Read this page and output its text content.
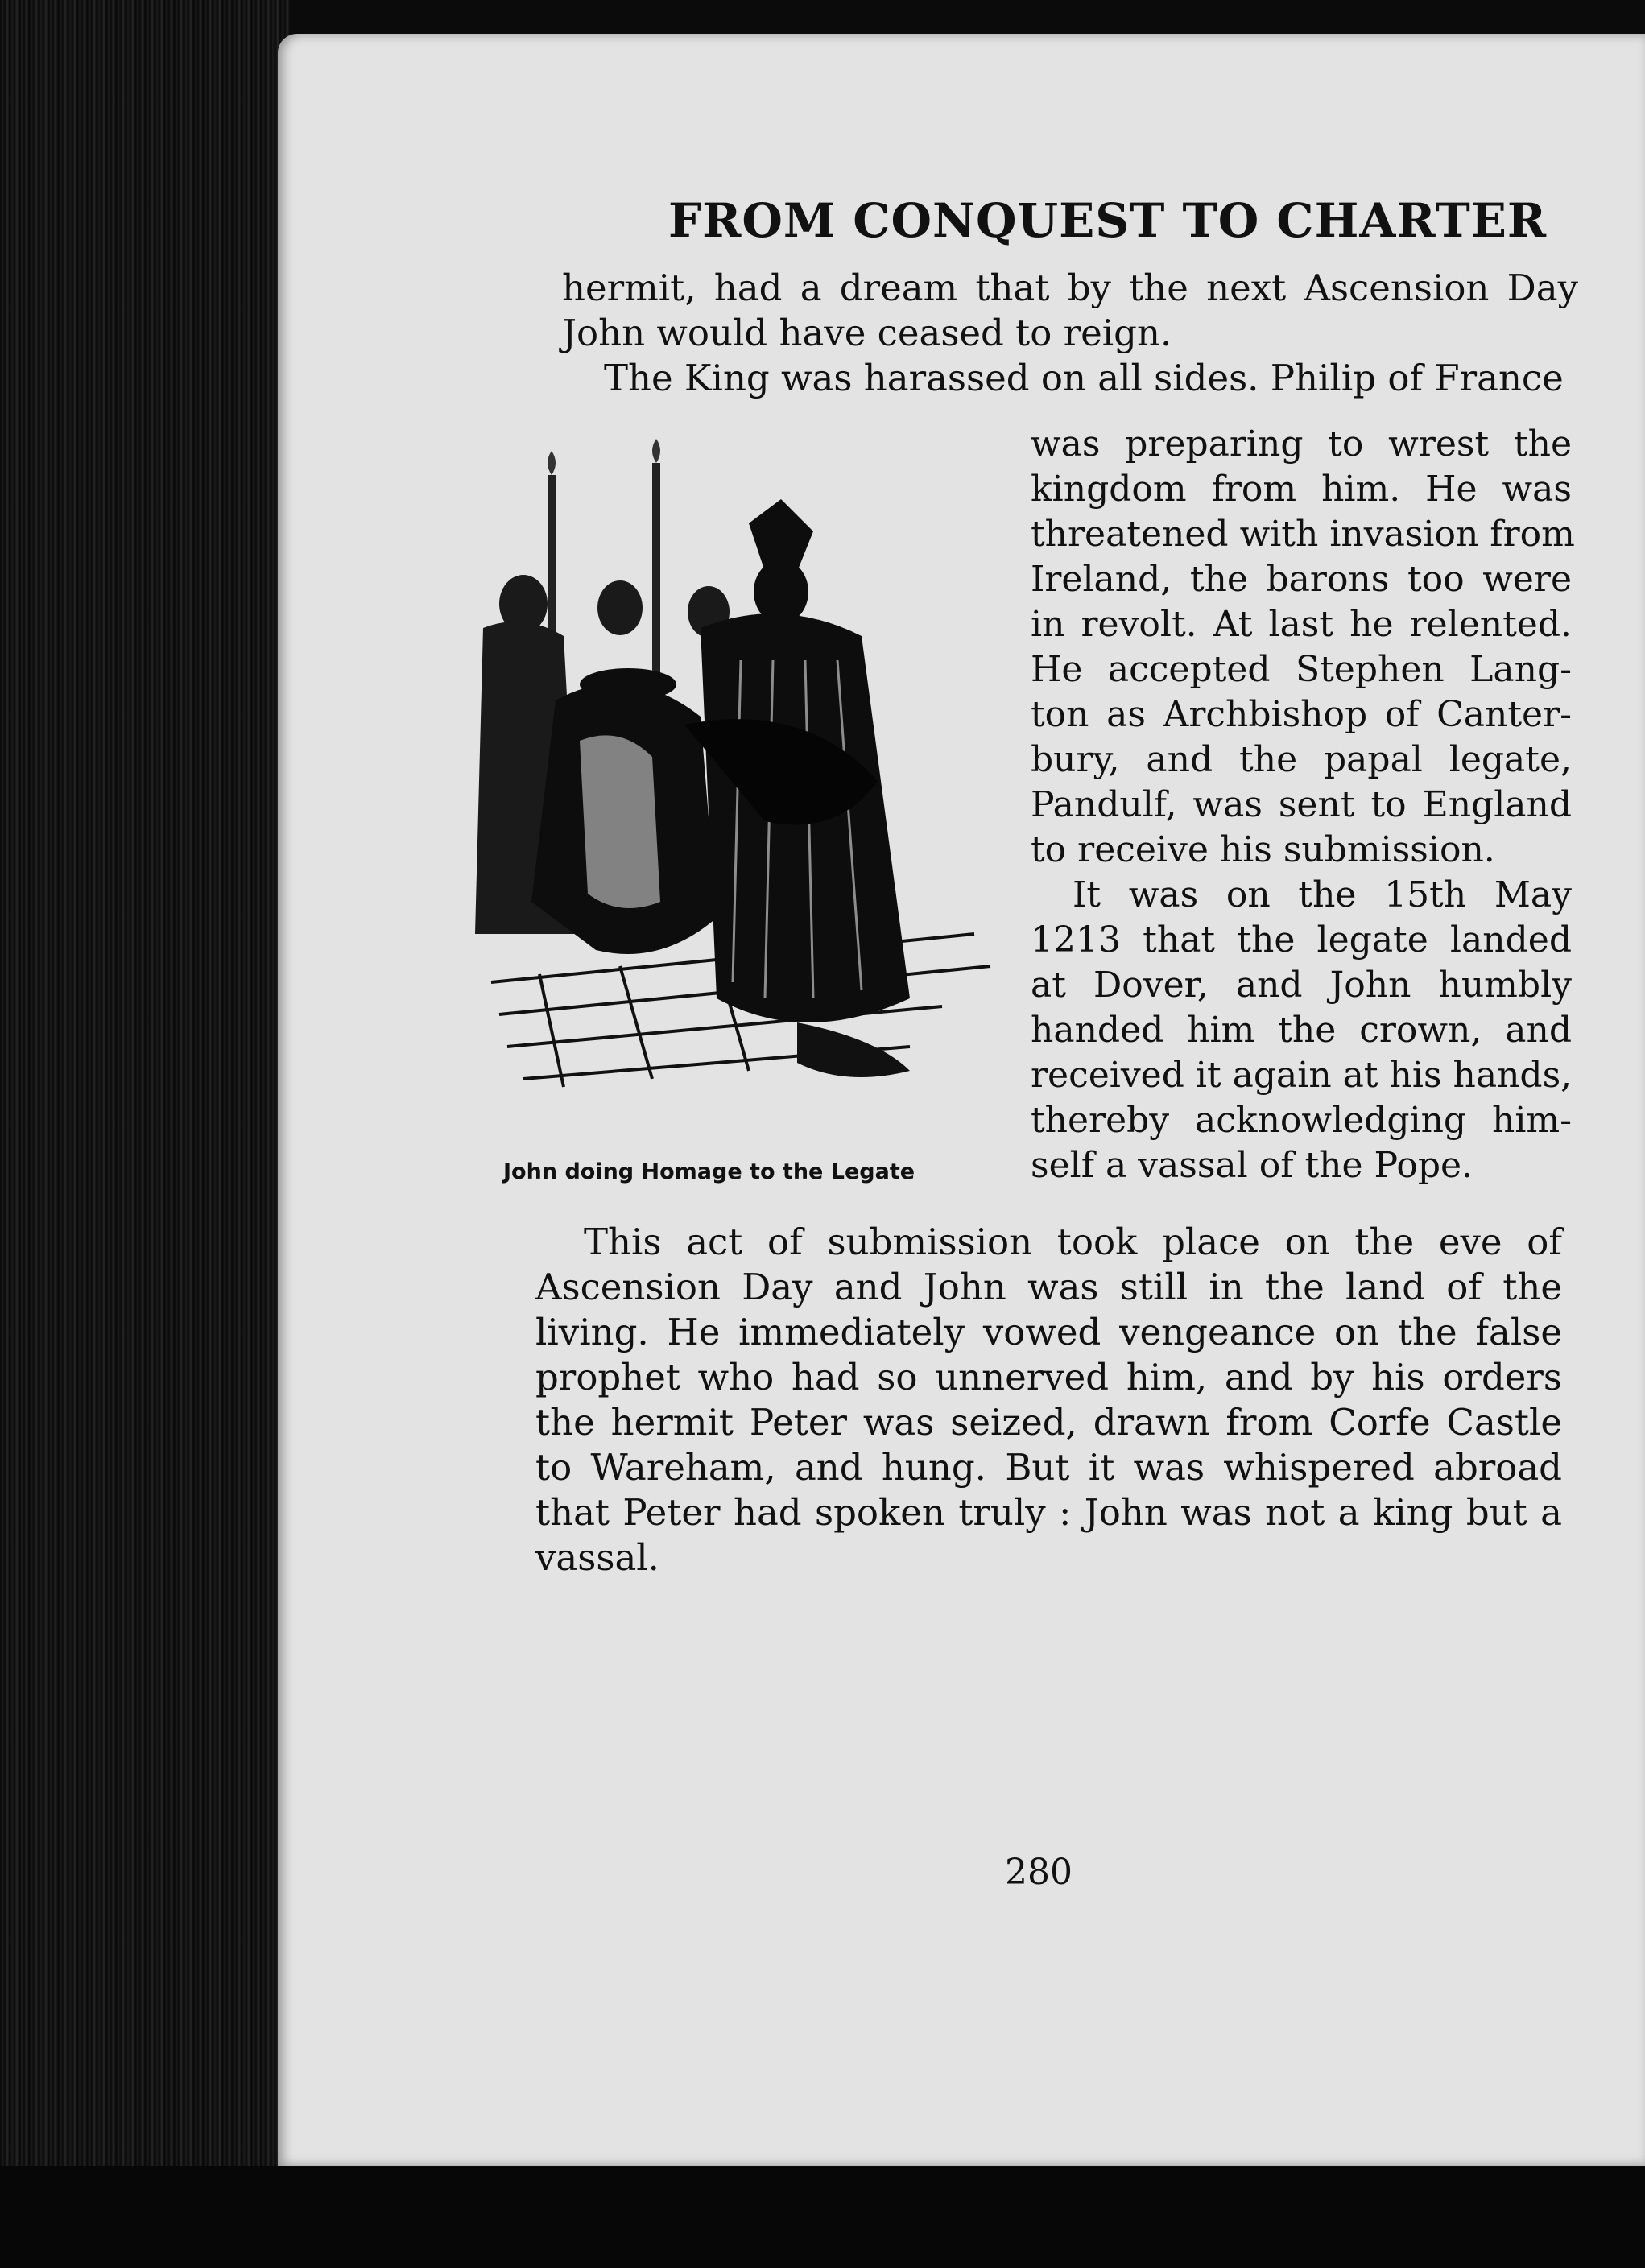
FROM CONQUEST TO CHARTER
hermit, had a dream that by the next Ascension Day
John would have ceased to reign.
The King was harassed on all sides. Philip of France
was preparing to wrest the
kingdom from him. He was
threatened with invasion from
Ireland, the barons too were
in revolt. At last he relented.
He accepted Stephen Lang-
ton as Archbishop of Canter-
bury, and the papal legate,
Pandulf, was sent to England
to receive his submission.
It was on the 15th May
1213 that the legate landed
at Dover, and John humbly
handed him the crown, and
received it again at his hands,
thereby acknowledging him-
self a vassal of the Pope.
John doing Homage to the Legate
This act of submission took place on the eve of
Ascension Day and John was still in the land of the
living. He immediately vowed vengeance on the false
prophet who had so unnerved him, and by his orders
the hermit Peter was seized, drawn from Corfe Castle
to Wareham, and hung. But it was whispered abroad
that Peter had spoken truly : John was not a king but a
vassal.
280
